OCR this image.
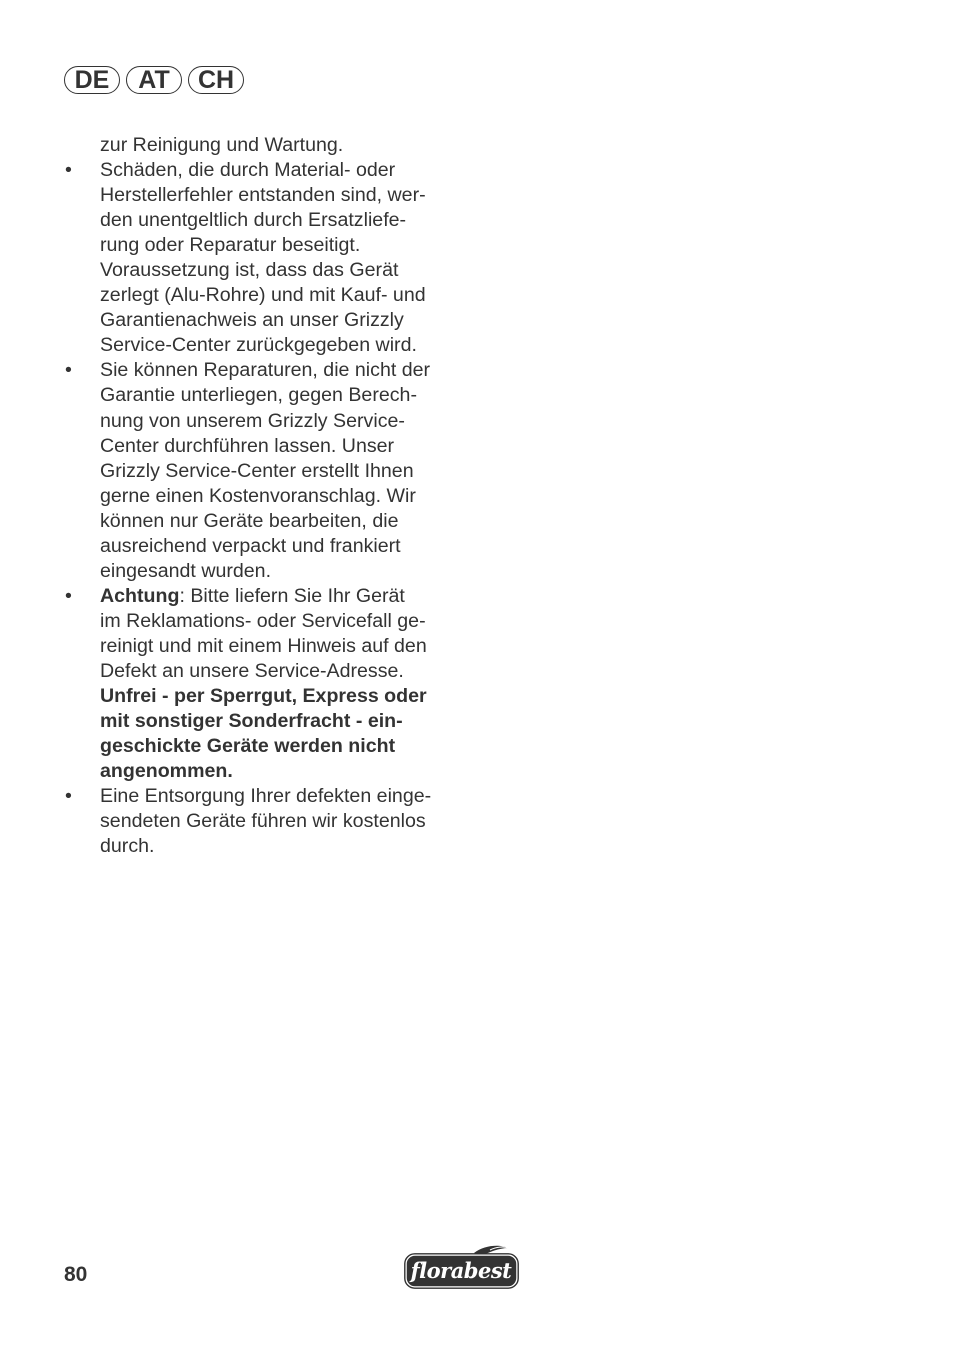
DE	AT	CH

zur Reinigung und Wartung.

•	Schäden, die durch Material- oder
Herstellerfehler entstanden sind, wer-
den unentgeltlich durch Ersatzliefe-
rung oder Reparatur beseitigt.
Voraussetzung ist, dass das Gerät
zerlegt (Alu-Rohre) und mit Kauf- und
Garantienachweis an unser Grizzly
Service-Center zurückgegeben wird.
•	Sie können Reparaturen, die nicht der
Garantie unterliegen, gegen Berech-
nung von unserem Grizzly Service-
Center durchführen lassen. Unser
Grizzly Service-Center erstellt Ihnen
gerne einen Kostenvoranschlag. Wir
können nur Geräte bearbeiten, die
ausreichend verpackt und frankiert
eingesandt wurden.
•	Achtung: Bitte liefern Sie Ihr Gerät
im Reklamations- oder Servicefall ge-
reinigt und mit einem Hinweis auf den
Defekt an unsere Service-Adresse.
Unfrei - per Sperrgut, Express oder
mit sonstiger Sonderfracht - ein-
geschickte Geräte werden nicht
angenommen.
•	Eine Entsorgung Ihrer defekten einge-
sendeten Geräte führen wir kostenlos
durch.
80	florabest
